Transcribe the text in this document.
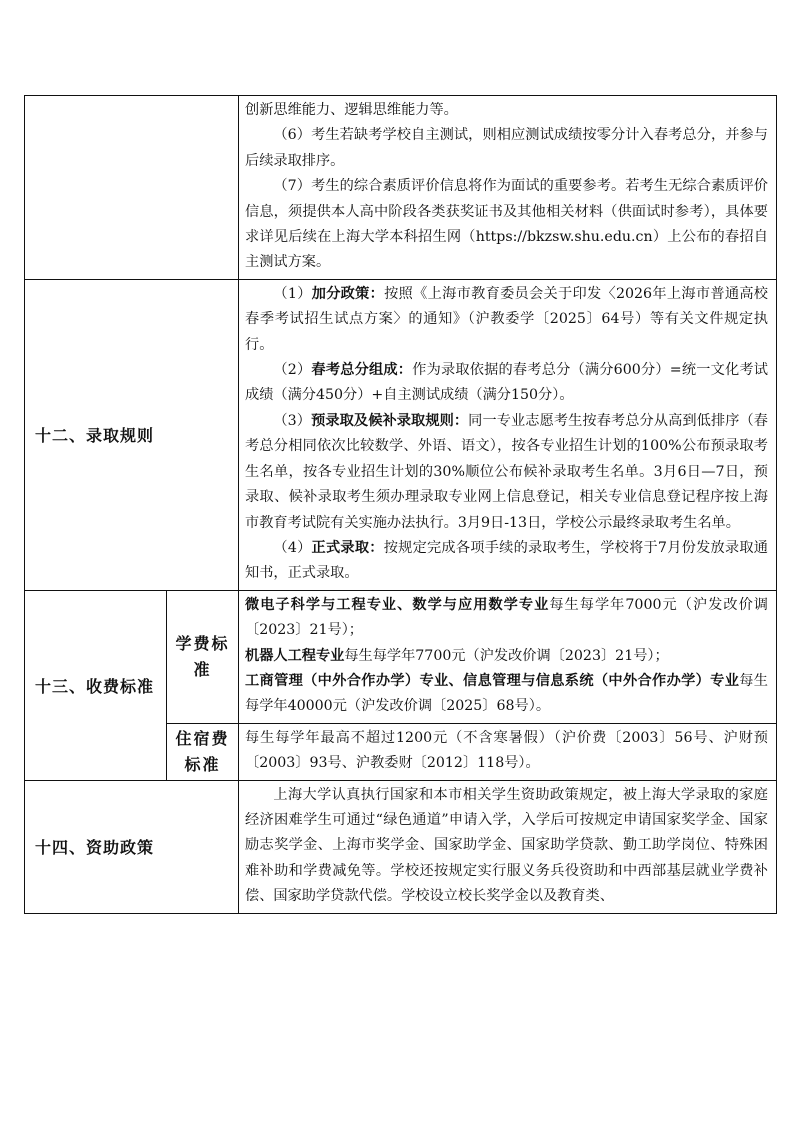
		创新思维能力、逻辑思维能力等。

（6）考生若缺考学校自主测试，则相应测试成绩按零分计入春考总分，并参与后续录取排序。

（7）考生的综合素质评价信息将作为面试的重要参考。若考生无综合素质评价信息，须提供本人高中阶段各类获奖证书及其他相关材料（供面试时参考），具体要求详见后续在上海大学本科招生网（https://bkzsw.shu.edu.cn）上公布的春招自主测试方案。

十二、录取规则		（1）加分政策：按照《上海市教育委员会关于印发〈2026年上海市普通高校春季考试招生试点方案〉的通知》（沪教委学〔2025〕64号）等有关文件规定执行。

（2）春考总分组成：作为录取依据的春考总分（满分600分）=统一文化考试成绩（满分450分）+自主测试成绩（满分150分）。

（3）预录取及候补录取规则：同一专业志愿考生按春考总分从高到低排序（春考总分相同依次比较数学、外语、语文），按各专业招生计划的100%公布预录取考生名单，按各专业招生计划的30%顺位公布候补录取考生名单。3月6日—7日，预录取、候补录取考生须办理录取专业网上信息登记，相关专业信息登记程序按上海市教育考试院有关实施办法执行。3月9日-13日，学校公示最终录取考生名单。

（4）正式录取：按规定完成各项手续的录取考生，学校将于7月份发放录取通知书，正式录取。

十三、收费标准	学费标准	微电子科学与工程专业、数学与应用数学专业每生每学年7000元（沪发改价调〔2023〕21号）；

机器人工程专业每生每学年7700元（沪发改价调〔2023〕21号）；

工商管理（中外合作办学）专业、信息管理与信息系统（中外合作办学）专业每生每学年40000元（沪发改价调〔2025〕68号）。

	住宿费标准	每生每学年最高不超过1200元（不含寒暑假）（沪价费〔2003〕56号、沪财预〔2003〕93号、沪教委财〔2012〕118号）。

十四、资助政策		上海大学认真执行国家和本市相关学生资助政策规定，被上海大学录取的家庭经济困难学生可通过“绿色通道”申请入学，入学后可按规定申请国家奖学金、国家励志奖学金、上海市奖学金、国家助学金、国家助学贷款、勤工助学岗位、特殊困难补助和学费减免等。学校还按规定实行服义务兵役资助和中西部基层就业学费补偿、国家助学贷款代偿。学校设立校长奖学金以及教育类、
